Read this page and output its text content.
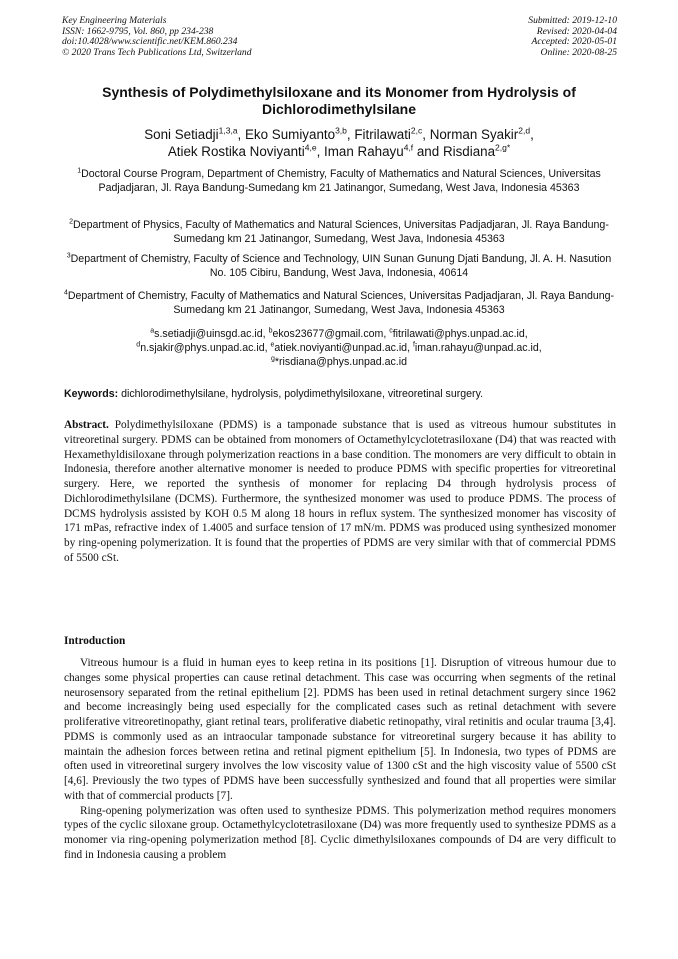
Key Engineering Materials
ISSN: 1662-9795, Vol. 860, pp 234-238
doi:10.4028/www.scientific.net/KEM.860.234
© 2020 Trans Tech Publications Ltd, Switzerland
Submitted: 2019-12-10
Revised: 2020-04-04
Accepted: 2020-05-01
Online: 2020-08-25
Synthesis of Polydimethylsiloxane and its Monomer from Hydrolysis of Dichlorodimethylsilane
Soni Setiadji$^{1,3,a}$, Eko Sumiyanto$^{3,b}$, Fitrilawati$^{2,c}$, Norman Syakir$^{2,d}$,
Atiek Rostika Noviyanti$^{4,e}$, Iman Rahayu$^{4,f}$ and Risdiana$^{2,g*}$
$^1$Doctoral Course Program, Department of Chemistry, Faculty of Mathematics and Natural Sciences, Universitas Padjadjaran, Jl. Raya Bandung-Sumedang km 21 Jatinangor, Sumedang, West Java, Indonesia 45363
$^2$Department of Physics, Faculty of Mathematics and Natural Sciences, Universitas Padjadjaran, Jl. Raya Bandung-Sumedang km 21 Jatinangor, Sumedang, West Java, Indonesia 45363
$^3$Department of Chemistry, Faculty of Science and Technology, UIN Sunan Gunung Djati Bandung, Jl. A. H. Nasution No. 105 Cibiru, Bandung, West Java, Indonesia, 40614
$^4$Department of Chemistry, Faculty of Mathematics and Natural Sciences, Universitas Padjadjaran, Jl. Raya Bandung-Sumedang km 21 Jatinangor, Sumedang, West Java, Indonesia 45363
$^a$s.setiadji@uinsgd.ac.id, $^b$ekos23677@gmail.com, $^c$fitrilawati@phys.unpad.ac.id,
$^d$n.sjakir@phys.unpad.ac.id, $^e$atiek.noviyanti@unpad.ac.id, $^f$iman.rahayu@unpad.ac.id,
$^g$*risdiana@phys.unpad.ac.id
Keywords: dichlorodimethylsilane, hydrolysis, polydimethylsiloxane, vitreoretinal surgery.
Abstract. Polydimethylsiloxane (PDMS) is a tamponade substance that is used as vitreous humour substitutes in vitreoretinal surgery. PDMS can be obtained from monomers of Octamethylcyclotetrasiloxane (D4) that was reacted with Hexamethyldisiloxane through polymerization reactions in a base condition. The monomers are very difficult to obtain in Indonesia, therefore another alternative monomer is needed to produce PDMS with specific properties for vitreoretinal surgery. Here, we reported the synthesis of monomer for replacing D4 through hydrolysis process of Dichlorodimethylsilane (DCMS). Furthermore, the synthesized monomer was used to produce PDMS. The process of DCMS hydrolysis assisted by KOH 0.5 M along 18 hours in reflux system. The synthesized monomer has viscosity of 171 mPas, refractive index of 1.4005 and surface tension of 17 mN/m. PDMS was produced using synthesized monomer by ring-opening polymerization. It is found that the properties of PDMS are very similar with that of commercial PDMS of 5500 cSt.
Introduction

Vitreous humour is a fluid in human eyes to keep retina in its positions [1]. Disruption of vitreous humour due to changes some physical properties can cause retinal detachment. This case was occurring when segments of the retinal neurosensory separated from the retinal epithelium [2]. PDMS has been used in retinal detachment surgery since 1962 and become increasingly being used especially for the complicated cases such as retinal detachment with severe proliferative vitreoretinopathy, giant retinal tears, proliferative diabetic retinopathy, viral retinitis and ocular trauma [3,4]. PDMS is commonly used as an intraocular tamponade substance for vitreoretinal surgery because it has ability to maintain the adhesion forces between retina and retinal pigment epithelium [5]. In Indonesia, two types of PDMS are often used in vitreoretinal surgery involves the low viscosity value of 1300 cSt and the high viscosity value of 5500 cSt [4,6]. Previously the two types of PDMS have been successfully synthesized and found that all properties were similar with that of commercial products [7].

Ring-opening polymerization was often used to synthesize PDMS. This polymerization method requires monomers types of the cyclic siloxane group. Octamethylcyclotetrasiloxane (D4) was more frequently used to synthesize PDMS as a monomer via ring-opening polymerization method [8]. Cyclic dimethylsiloxanes compounds of D4 are very difficult to find in Indonesia causing a problem
